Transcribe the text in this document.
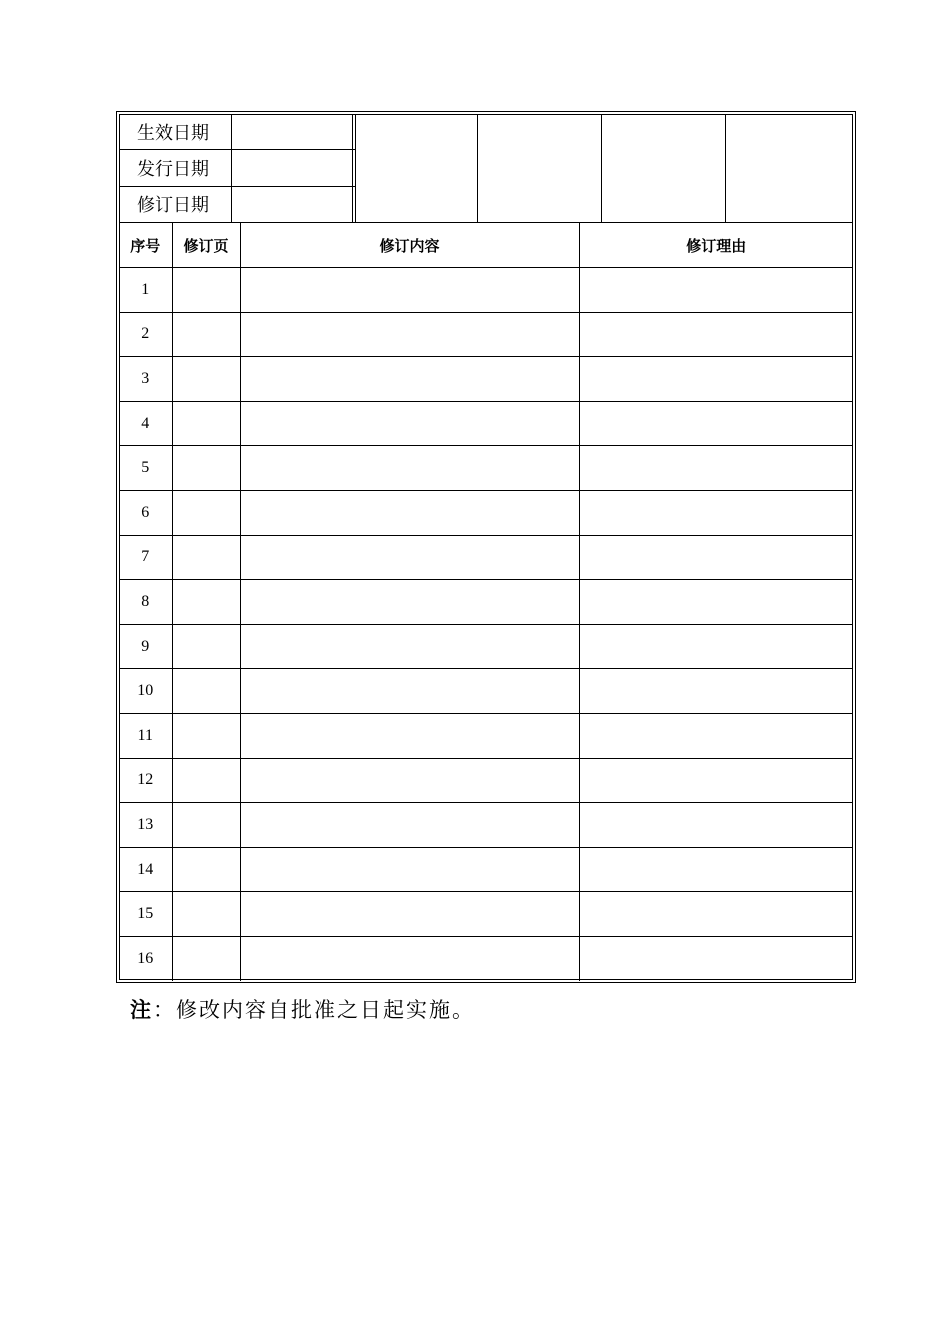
生效日期	
发行日期	
修订日期	
序号	修订页	修订内容	修订理由
1			
2			
3			
4			
5			
6			
7			
8			
9			
10			
11			
12			
13			
14			
15			
16			
注：修改内容自批准之日起实施。
